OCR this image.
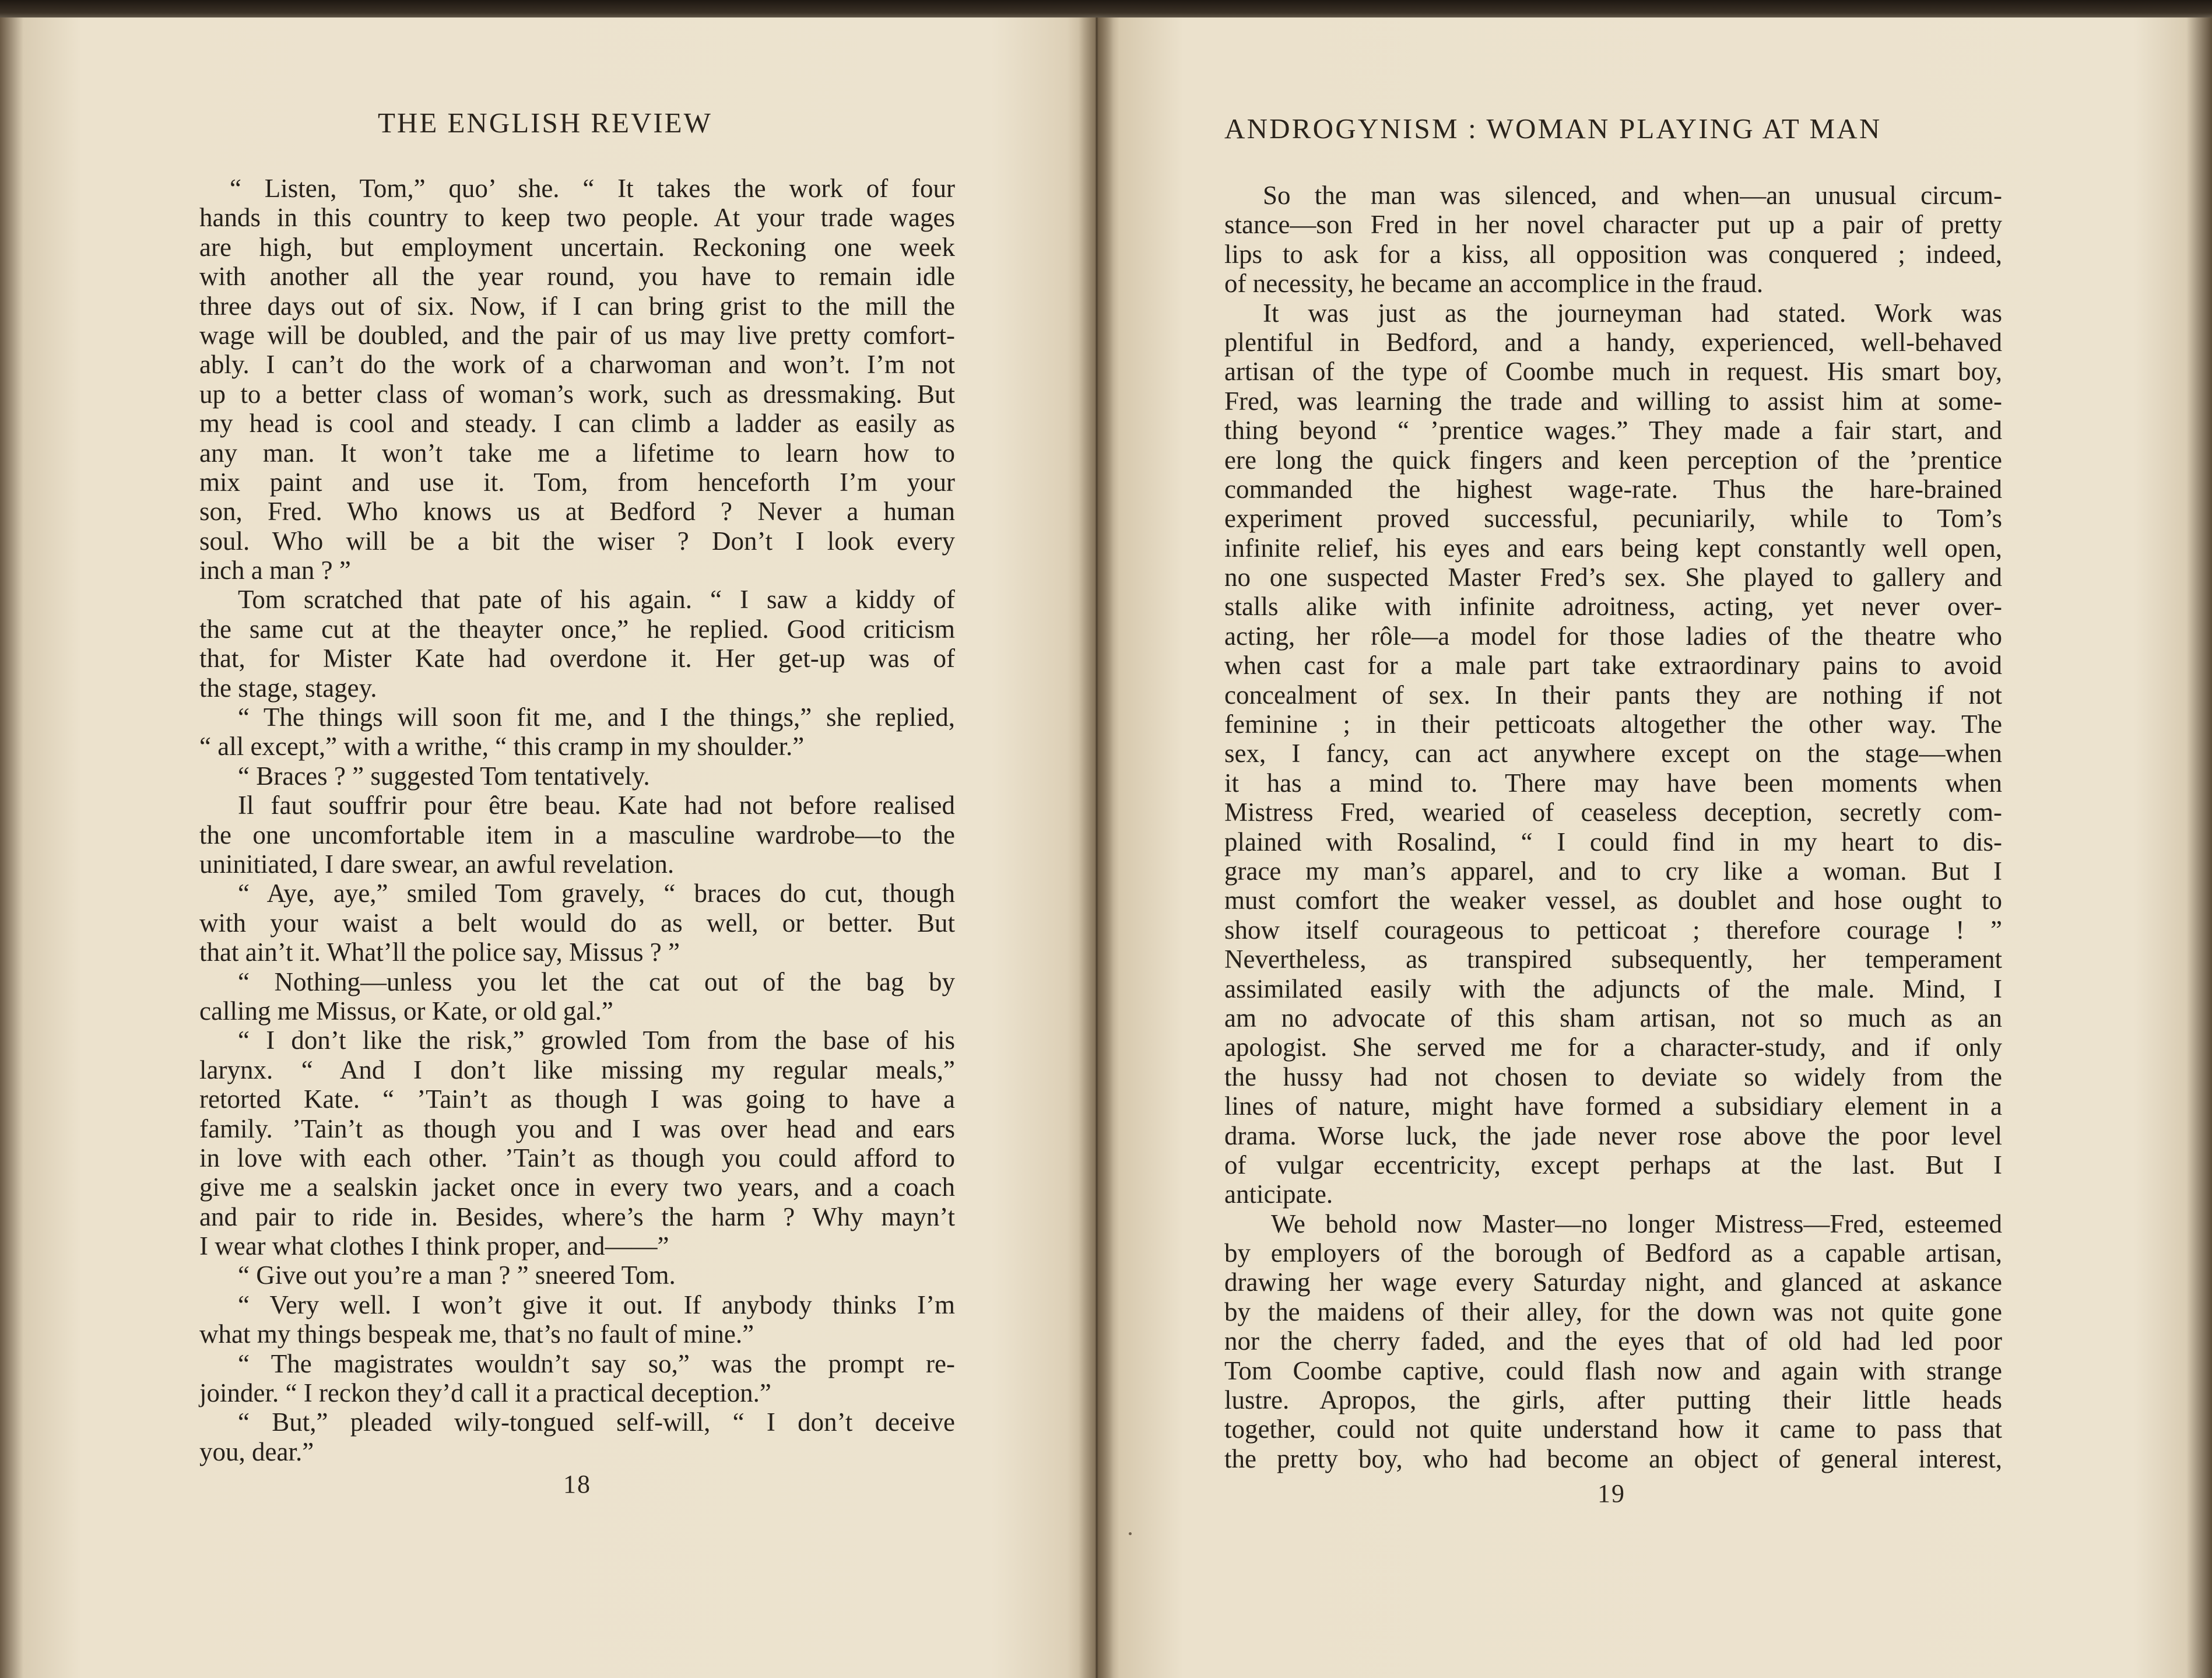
THE ENGLISH REVIEW
“ Listen, Tom,” quo’ she. “ It takes the work of four
hands in this country to keep two people. At your trade wages
are high, but employment uncertain. Reckoning one week
with another all the year round, you have to remain idle
three days out of six. Now, if I can bring grist to the mill the
wage will be doubled, and the pair of us may live pretty comfort-
ably. I can’t do the work of a charwoman and won’t. I’m not
up to a better class of woman’s work, such as dressmaking. But
my head is cool and steady. I can climb a ladder as easily as
any man. It won’t take me a lifetime to learn how to
mix paint and use it. Tom, from henceforth I’m your
son, Fred. Who knows us at Bedford ? Never a human
soul. Who will be a bit the wiser ? Don’t I look every
inch a man ? ”
Tom scratched that pate of his again. “ I saw a kiddy of
the same cut at the theayter once,” he replied. Good criticism
that, for Mister Kate had overdone it. Her get-up was of
the stage, stagey.
“ The things will soon fit me, and I the things,” she replied,
“ all except,” with a writhe, “ this cramp in my shoulder.”
“ Braces ? ” suggested Tom tentatively.
Il faut souffrir pour être beau. Kate had not before realised
the one uncomfortable item in a masculine wardrobe—to the
uninitiated, I dare swear, an awful revelation.
“ Aye, aye,” smiled Tom gravely, “ braces do cut, though
with your waist a belt would do as well, or better. But
that ain’t it. What’ll the police say, Missus ? ”
“ Nothing—unless you let the cat out of the bag by
calling me Missus, or Kate, or old gal.”
“ I don’t like the risk,” growled Tom from the base of his
larynx. “ And I don’t like missing my regular meals,”
retorted Kate. “ ’Tain’t as though I was going to have a
family. ’Tain’t as though you and I was over head and ears
in love with each other. ’Tain’t as though you could afford to
give me a sealskin jacket once in every two years, and a coach
and pair to ride in. Besides, where’s the harm ? Why mayn’t
I wear what clothes I think proper, and——”
“ Give out you’re a man ? ” sneered Tom.
“ Very well. I won’t give it out. If anybody thinks I’m
what my things bespeak me, that’s no fault of mine.”
“ The magistrates wouldn’t say so,” was the prompt re-
joinder. “ I reckon they’d call it a practical deception.”
“ But,” pleaded wily-tongued self-will, “ I don’t deceive
you, dear.”
18
ANDROGYNISM : WOMAN PLAYING AT MAN
So the man was silenced, and when—an unusual circum-
stance—son Fred in her novel character put up a pair of pretty
lips to ask for a kiss, all opposition was conquered ; indeed,
of necessity, he became an accomplice in the fraud.
It was just as the journeyman had stated. Work was
plentiful in Bedford, and a handy, experienced, well-behaved
artisan of the type of Coombe much in request. His smart boy,
Fred, was learning the trade and willing to assist him at some-
thing beyond “ ’prentice wages.” They made a fair start, and
ere long the quick fingers and keen perception of the ’prentice
commanded the highest wage-rate. Thus the hare-brained
experiment proved successful, pecuniarily, while to Tom’s
infinite relief, his eyes and ears being kept constantly well open,
no one suspected Master Fred’s sex. She played to gallery and
stalls alike with infinite adroitness, acting, yet never over-
acting, her rôle—a model for those ladies of the theatre who
when cast for a male part take extraordinary pains to avoid
concealment of sex. In their pants they are nothing if not
feminine ; in their petticoats altogether the other way. The
sex, I fancy, can act anywhere except on the stage—when
it has a mind to. There may have been moments when
Mistress Fred, wearied of ceaseless deception, secretly com-
plained with Rosalind, “ I could find in my heart to dis-
grace my man’s apparel, and to cry like a woman. But I
must comfort the weaker vessel, as doublet and hose ought to
show itself courageous to petticoat ; therefore courage ! ”
Nevertheless, as transpired subsequently, her temperament
assimilated easily with the adjuncts of the male. Mind, I
am no advocate of this sham artisan, not so much as an
apologist. She served me for a character-study, and if only
the hussy had not chosen to deviate so widely from the
lines of nature, might have formed a subsidiary element in a
drama. Worse luck, the jade never rose above the poor level
of vulgar eccentricity, except perhaps at the last. But I
anticipate.
We behold now Master—no longer Mistress—Fred, esteemed
by employers of the borough of Bedford as a capable artisan,
drawing her wage every Saturday night, and glanced at askance
by the maidens of their alley, for the down was not quite gone
nor the cherry faded, and the eyes that of old had led poor
Tom Coombe captive, could flash now and again with strange
lustre. Apropos, the girls, after putting their little heads
together, could not quite understand how it came to pass that
the pretty boy, who had become an object of general interest,
19
